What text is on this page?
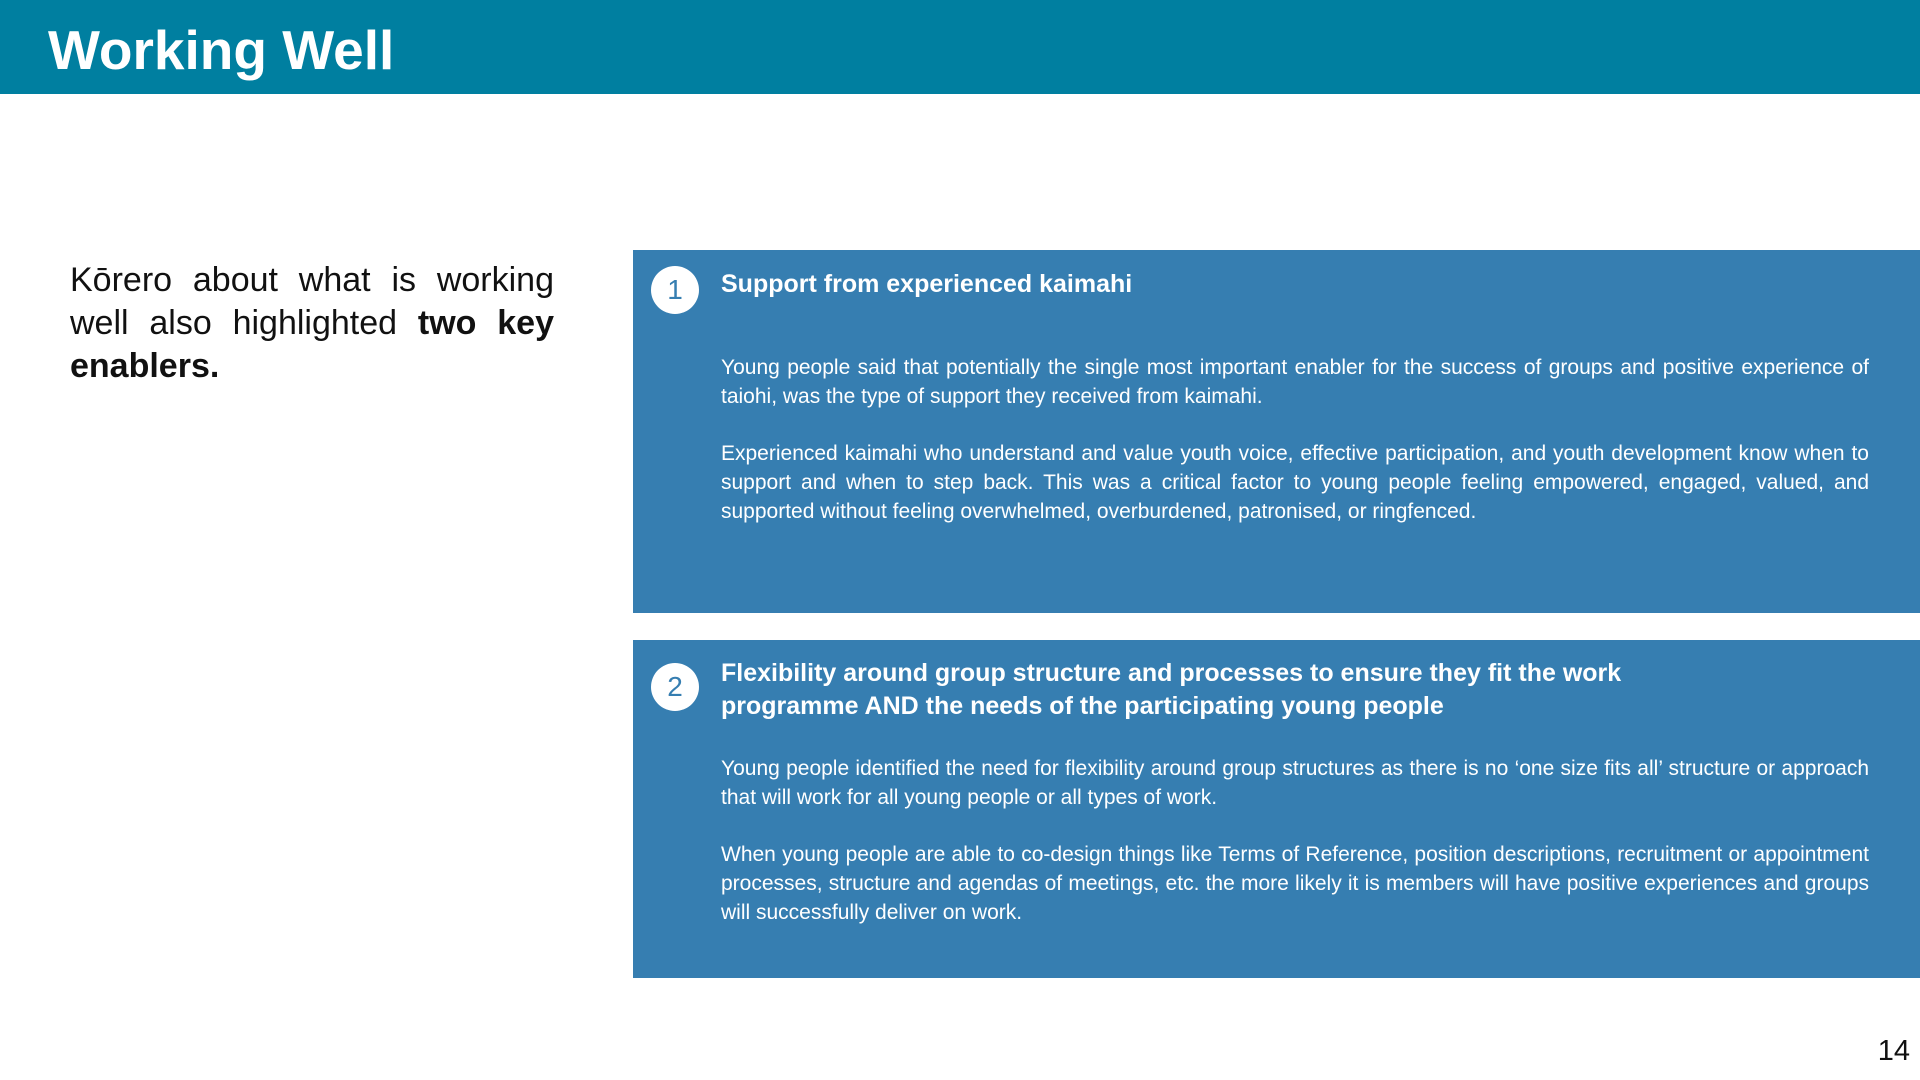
Working Well
Kōrero about what is working well also highlighted two key enablers.
1	Support from experienced kaimahi

Young people said that potentially the single most important enabler for the success of groups and positive experience of taiohi, was the type of support they received from kaimahi.

Experienced kaimahi who understand and value youth voice, effective participation, and youth development know when to support and when to step back. This was a critical factor to young people feeling empowered, engaged, valued, and supported without feeling overwhelmed, overburdened, patronised, or ringfenced.

2	Flexibility around group structure and processes to ensure they fit the work programme AND the needs of the participating young people

Young people identified the need for flexibility around group structures as there is no ‘one size fits all’ structure or approach that will work for all young people or all types of work.

When young people are able to co-design things like Terms of Reference, position descriptions, recruitment or appointment processes, structure and agendas of meetings, etc. the more likely it is members will have positive experiences and groups will successfully deliver on work.

14
